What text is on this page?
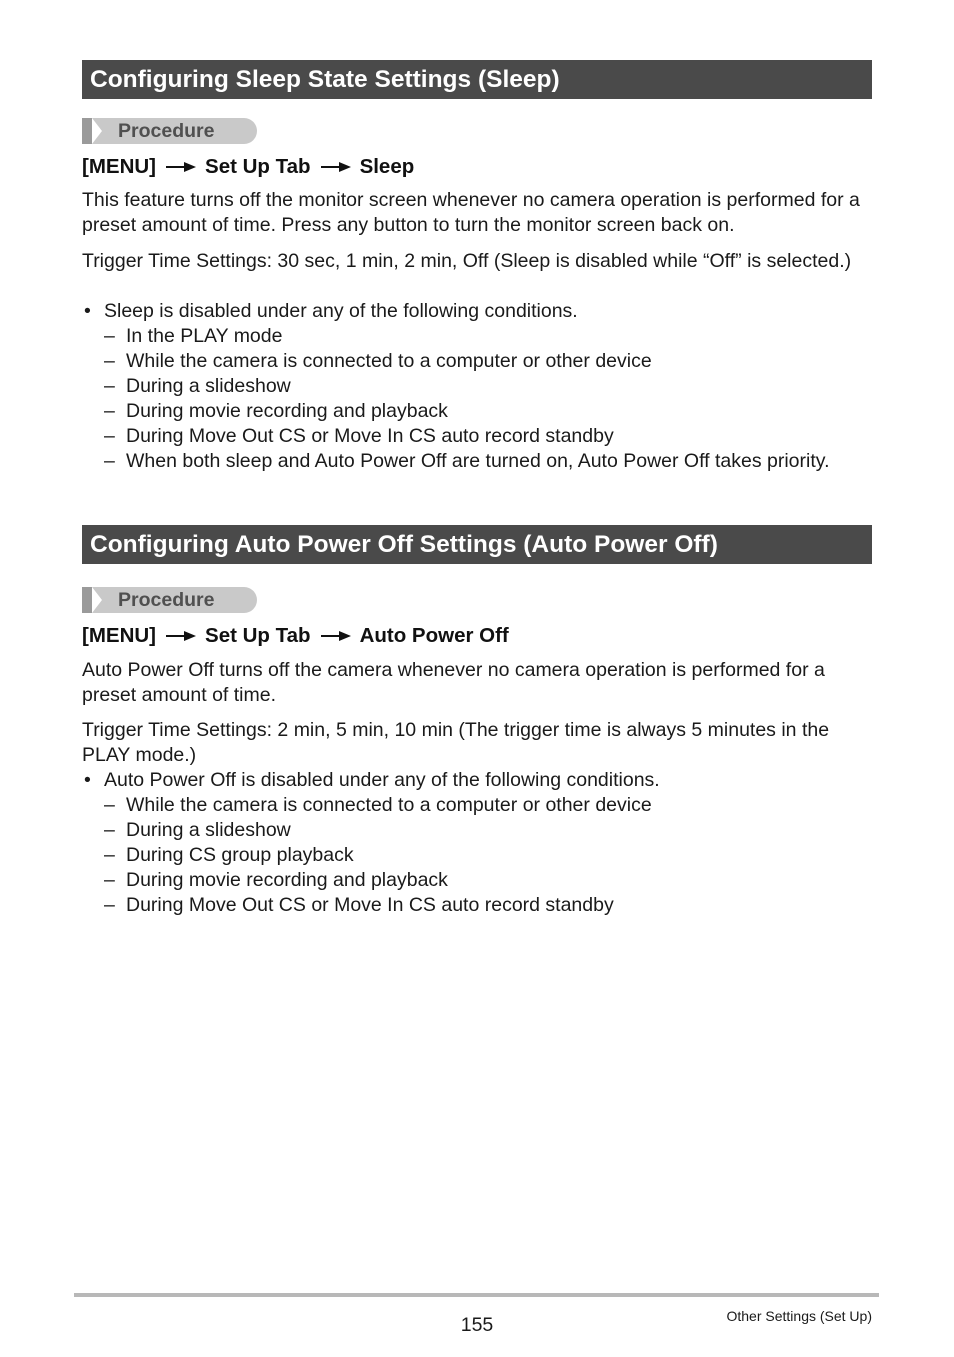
Configuring Sleep State Settings (Sleep)
Procedure
[MENU] Set Up Tab Sleep
This feature turns off the monitor screen whenever no camera operation is performed for a preset amount of time. Press any button to turn the monitor screen back on.
Trigger Time Settings: 30 sec, 1 min, 2 min, Off (Sleep is disabled while “Off” is selected.)
• Sleep is disabled under any of the following conditions.
– In the PLAY mode
– While the camera is connected to a computer or other device
– During a slideshow
– During movie recording and playback
– During Move Out CS or Move In CS auto record standby
– When both sleep and Auto Power Off are turned on, Auto Power Off takes priority.
Configuring Auto Power Off Settings (Auto Power Off)
Procedure
[MENU] Set Up Tab Auto Power Off
Auto Power Off turns off the camera whenever no camera operation is performed for a preset amount of time.
Trigger Time Settings: 2 min, 5 min, 10 min (The trigger time is always 5 minutes in the PLAY mode.)
• Auto Power Off is disabled under any of the following conditions.
– While the camera is connected to a computer or other device
– During a slideshow
– During CS group playback
– During movie recording and playback
– During Move Out CS or Move In CS auto record standby
155	Other Settings (Set Up)
